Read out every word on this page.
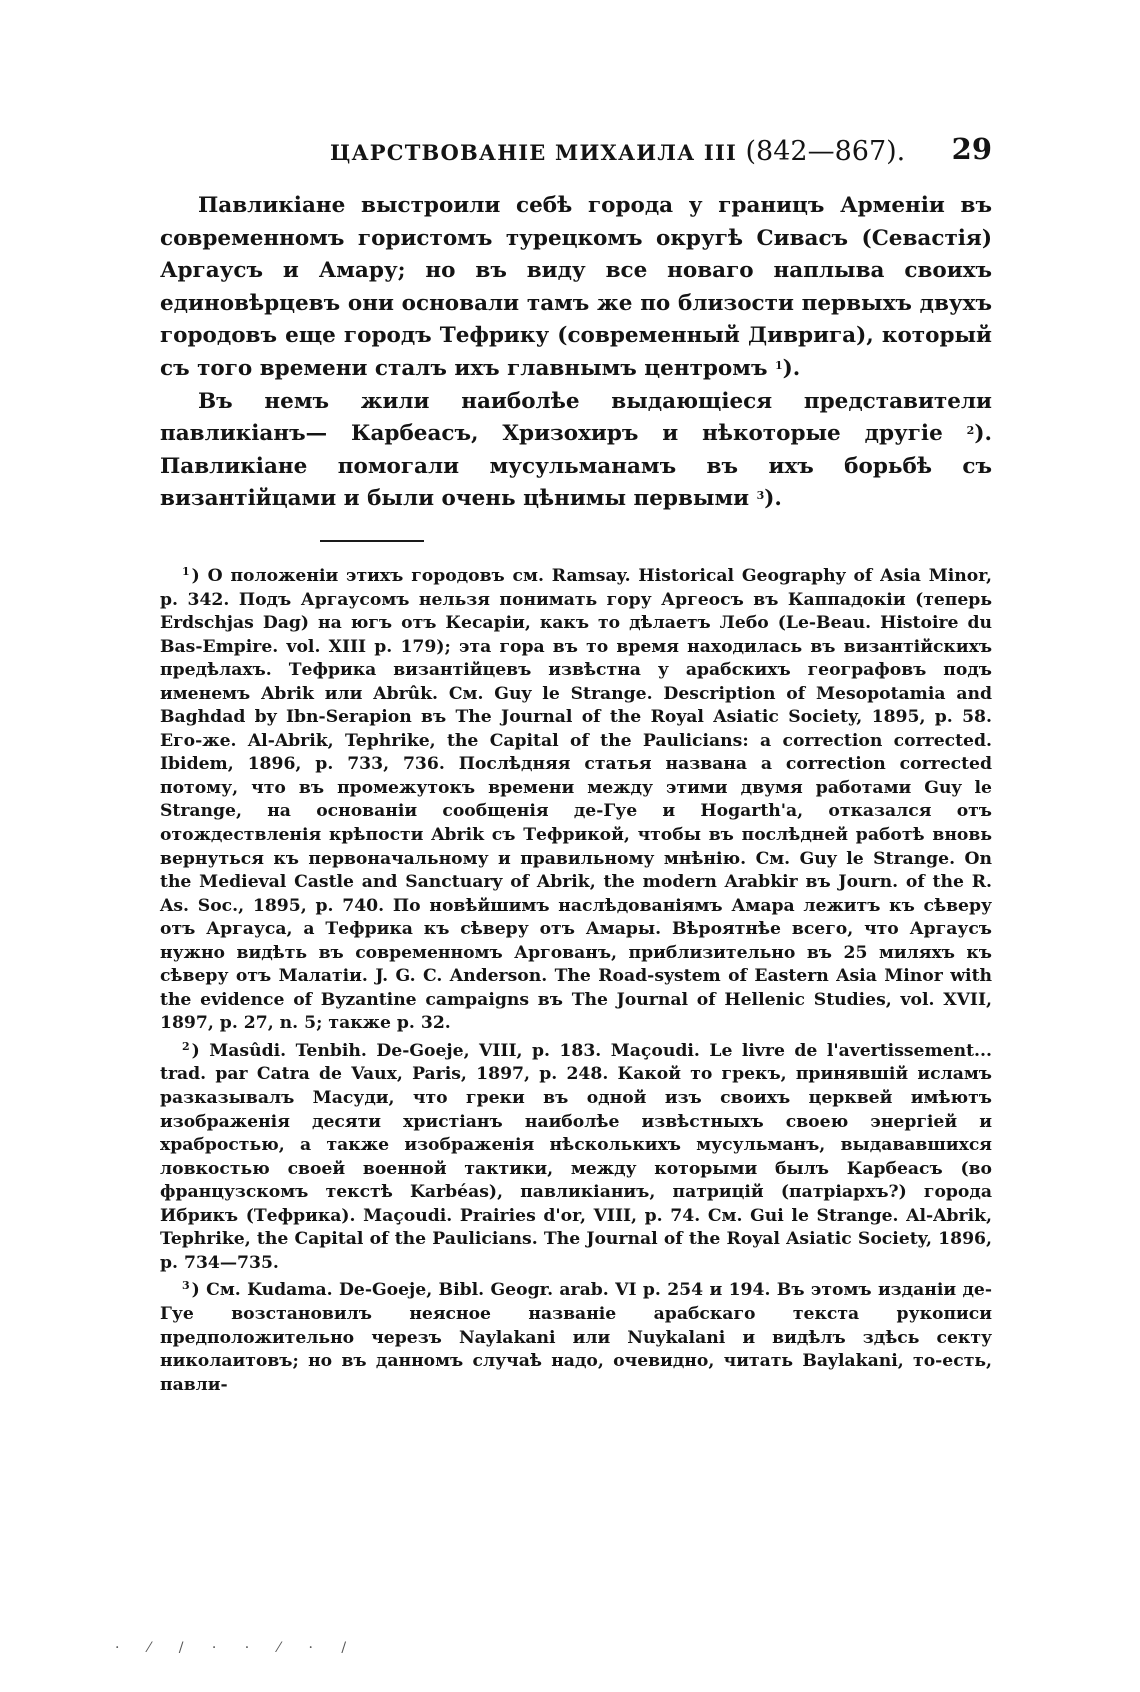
ЦАРСТВОВАНІЕ МИХАИЛА III (842—867). 29

Павликіане выстроили себѣ города у границъ Арменіи въ современномъ гористомъ турецкомъ округѣ Сивасъ (Севастія) Аргаусъ и Амару; но въ виду все новаго наплыва своихъ единовѣрцевъ они основали тамъ же по близости первыхъ двухъ городовъ еще городъ Тефрику (современный Диврига), который съ того времени сталъ ихъ главнымъ центромъ $^1$).

Въ немъ жили наиболѣе выдающіеся представители павликіанъ— Карбеасъ, Хризохиръ и нѣкоторые другіе $^2$). Павликіане помогали мусульманамъ въ ихъ борьбѣ съ византійцами и были очень цѣнимы первыми $^3$).

$^1$ ) О положеніи этихъ городовъ см. Ramsay. Historical Geography of Asia Minor, p. 342. Подъ Аргаусомъ нельзя понимать гору Аргеосъ въ Каппадокіи (теперь Erdschjas Dag) на югъ отъ Кесаріи, какъ то дѣлаетъ Лебо (Le-Beau. Histoire du Bas-Empire. vol. XIII p. 179); эта гора въ то время находилась въ византійскихъ предѣлахъ. Тефрика византійцевъ извѣстна у арабскихъ географовъ подъ именемъ Abrik или Abrûk. См. Guy le Strange. Description of Mesopotamia and Baghdad by Ibn-Serapion въ The Journal of the Royal Asiatic Society, 1895, p. 58. Его-же. Al-Abrik, Tephrike, the Capital of the Paulicians: a correction corrected. Ibidem, 1896, p. 733, 736. Послѣдняя статья названа a correction corrected потому, что въ промежутокъ времени между этими двумя работами Guy le Strange, на основаніи сообщенія де-Гуе и Hogarth'а, отказался отъ отождествленія крѣпости Abrik съ Тефрикой, чтобы въ послѣдней работѣ вновь вернуться къ первоначальному и правильному мнѣнію. См. Guy le Strange. On the Medieval Castle and Sanctuary of Abrik, the modern Arabkir въ Journ. of the R. As. Soc., 1895, p. 740. По новѣйшимъ наслѣдованіямъ Амара лежитъ къ сѣверу отъ Аргауса, а Тефрика къ сѣверу отъ Амары. Вѣроятнѣе всего, что Аргаусъ нужно видѣть въ современномъ Аргованъ, приблизительно въ 25 миляхъ къ сѣверу отъ Малатіи. J. G. C. Anderson. The Road-system of Eastern Asia Minor with the evidence of Byzantine campaigns въ The Journal of Hellenic Studies, vol. XVII, 1897, p. 27, n. 5; также p. 32.

$^2$ ) Masûdi. Tenbih. De-Goeje, VIII, p. 183. Maçoudi. Le livre de l'avertissement... trad. par Catra de Vaux, Paris, 1897, p. 248. Какой то грекъ, принявшій исламъ разказывалъ Масуди, что греки въ одной изъ своихъ церквей имѣютъ изображенія десяти христіанъ наиболѣе извѣстныхъ своею энергіей и храбростью, а также изображенія нѣсколькихъ мусульманъ, выдававшихся ловкостью своей военной тактики, между которыми былъ Карбеасъ (во французскомъ текстѣ Karbéas), павликіаниъ, патрицій (патріархъ?) города Ибрикъ (Тефрика). Maçoudi. Prairies d'or, VIII, p. 74. См. Gui le Strange. Al-Abrik, Tephrike, the Capital of the Paulicians. The Journal of the Royal Asiatic Society, 1896, p. 734—735.

$^3$ ) См. Kudama. De-Goeje, Bibl. Geogr. arab. VI p. 254 и 194. Въ этомъ изданіи де-Гуе возстановилъ неясное названіе арабскаго текста рукописи предположительно черезъ Naylakani или Nuykalani и видѣлъ здѣсь секту николаитовъ; но въ данномъ случаѣ надо, очевидно, читать Baylakani, то-есть, павли-

· ⁄ / · · ⁄ · /
